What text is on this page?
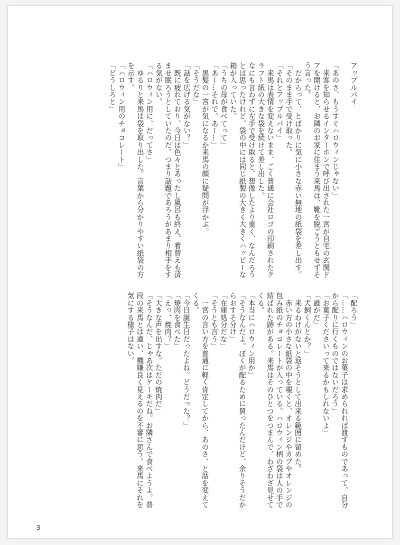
アップルパイ

「あのさ、もうすぐハロウィンじゃない」

　来客を知らせるインターホンで呼び出された一宮が自宅の玄関ドアを開けると、お隣のお家に住まう来馬は、靴を脱ごうともせずそう言った。

　だからって、とばかりに気に小さな赤い無地の紙袋を差し出す。

「そのまま手で受け取った。

「それとアップルパイ」

　来馬は表情を変えないまま、ごく普通に会社ロゴの印刷されたクラフト紙の大きな袋を続けて差し出した。

なにも言わずに左手で受け取ると、想像したより重く、なんだろうとは思ったけれど、袋の中には同じ紙製の大きく大きくハッピーな箱が入っていた。

「うちの母が食べてって」

「あー…それで、あー…」

　黒髪の一宮が気になるか来馬の顔に疑問が浮かぶ。

「そうだな」

「話を広げる気がない？」

　既に疲れており、今日は色々とあったし風呂も終え、着替えも済ませ眠ろうとしていたのだ。つまり話題であろうがあまり相手をする気がない。

「ハロウィン用に、だってさ」

　ゆるりと来馬は袋を取り出した。言葉から分かりやすい紙袋の方を示す。

「ハロウィン用のチョコレート」

「どうしろと」

「配ろう」

「……ハロウィンのお菓子は求められれば渡すものであって、自分から配りに行くものではないだろう」

「お菓子くださいって来るかもしれないよ」

「誰がだ」

「犬飼くんとか？」

　来るわけがないと返そうとして出来る範囲に留めた。

　赤い方の小さな紙袋の中を覗くと、オレンジやカブやオレンジの包み紙のチョコレートが入っている。ハロウィン柄の袋は人の手で結ばれた跡がある。来馬はそのひとつをつまんで、わざわざ見せてくる。

「本当にハロウィン用か」

「そうなんだよ。ぼくが配るために買ったんだけど、余りそうだからおすそ分け」

「在庫処分だな」

「そうとも言う」

　一宮の言い方を普通に軽く肯定してから、あのさ、と話を変えてくる。

「今日誕生日だったよね。どうだった？」

「焼肉を食べた」

「えっ、焼肉？」

「大きな声を出すな。ただの焼肉だ」

「そうなんだ、じゃあ次はケーキだね。お隣さんで食べようよ。普段の来馬とは違い、機嫌良く見えるのを不審に思う。来馬にそれを気にする様子はない。

3
